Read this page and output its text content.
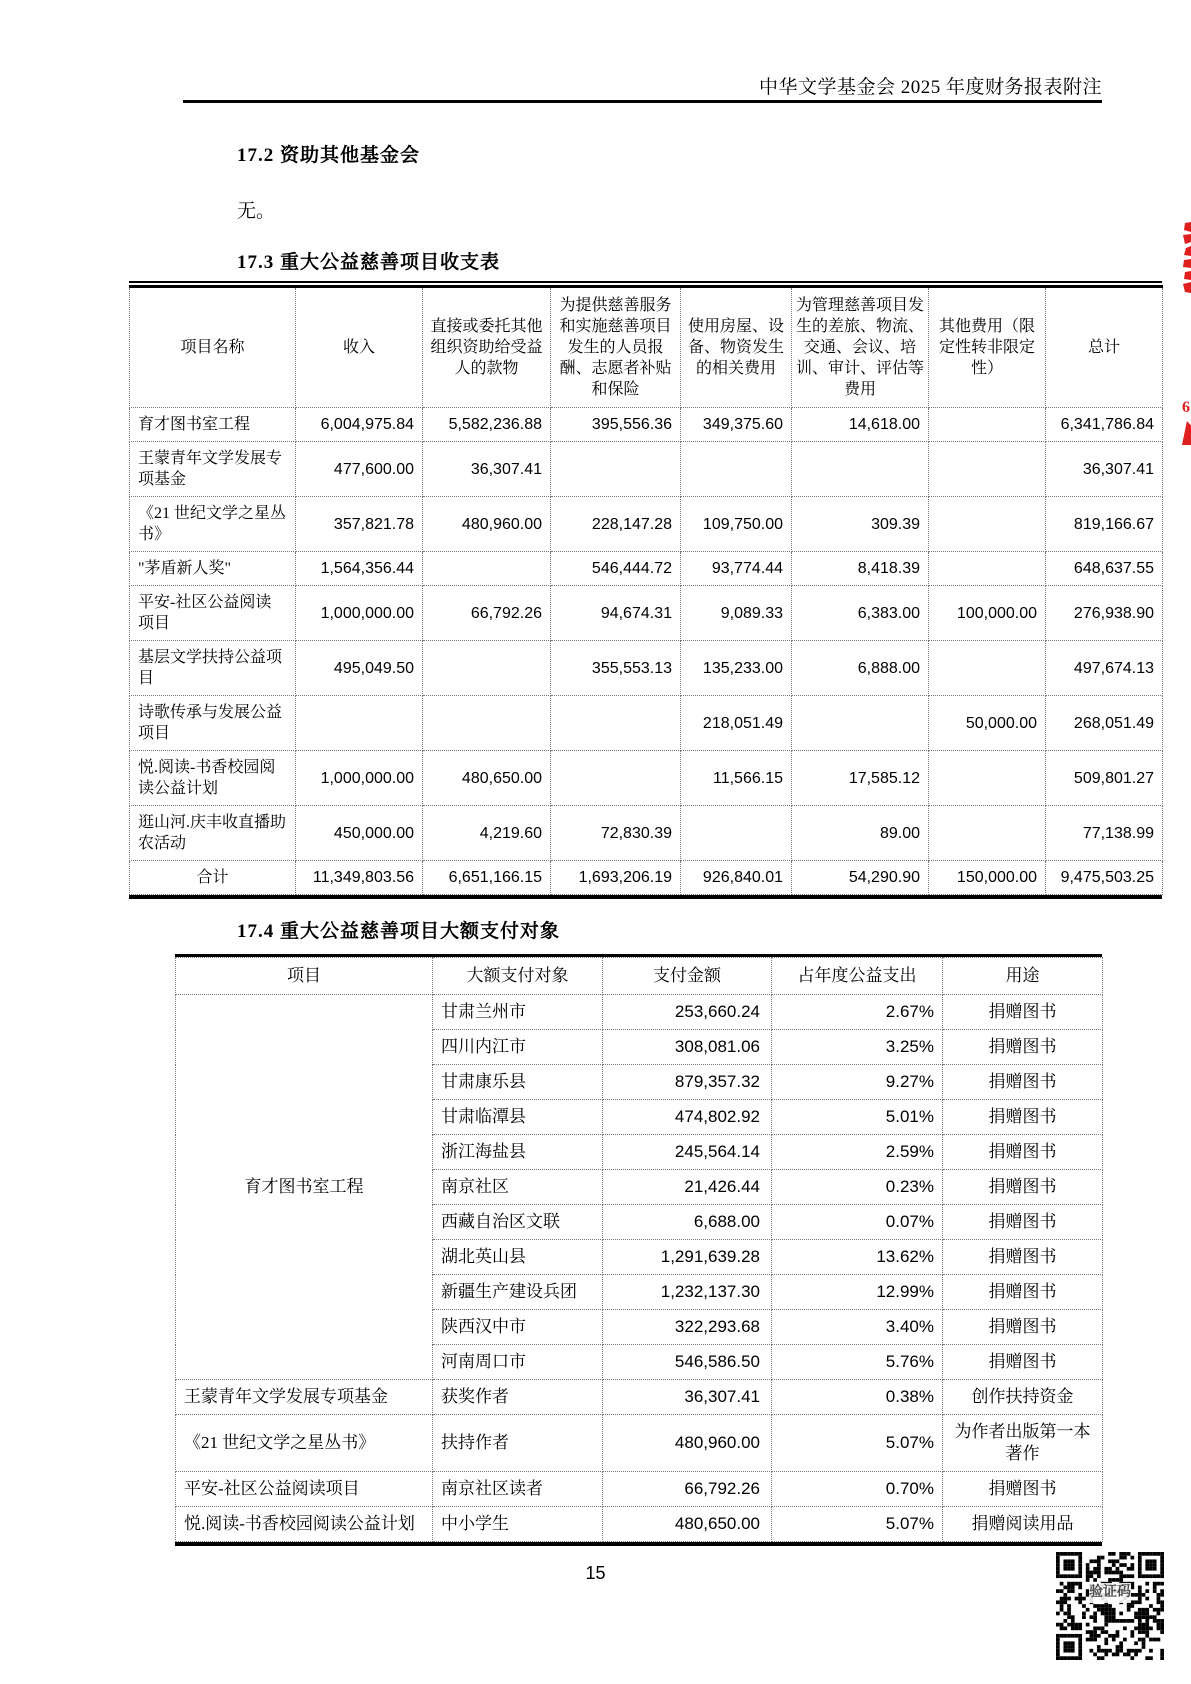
中华文学基金会 2025 年度财务报表附注
17.2 资助其他基金会
无。
17.3 重大公益慈善项目收支表
项目名称	收入	直接或委托其他组织资助给受益人的款物	为提供慈善服务和实施慈善项目发生的人员报酬、志愿者补贴和保险	使用房屋、设备、物资发生的相关费用	为管理慈善项目发生的差旅、物流、交通、会议、培训、审计、评估等费用	其他费用（限定性转非限定性）	总计
育才图书室工程	6,004,975.84	5,582,236.88	395,556.36	349,375.60	14,618.00		6,341,786.84
王蒙青年文学发展专项基金	477,600.00	36,307.41					36,307.41
《21 世纪文学之星丛书》	357,821.78	480,960.00	228,147.28	109,750.00	309.39		819,166.67
"茅盾新人奖"	1,564,356.44		546,444.72	93,774.44	8,418.39		648,637.55
平安-社区公益阅读项目	1,000,000.00	66,792.26	94,674.31	9,089.33	6,383.00	100,000.00	276,938.90
基层文学扶持公益项目	495,049.50		355,553.13	135,233.00	6,888.00		497,674.13
诗歌传承与发展公益项目				218,051.49		50,000.00	268,051.49
悦.阅读-书香校园阅读公益计划	1,000,000.00	480,650.00		11,566.15	17,585.12		509,801.27
逛山河.庆丰收直播助农活动	450,000.00	4,219.60	72,830.39		89.00		77,138.99
合计	11,349,803.56	6,651,166.15	1,693,206.19	926,840.01	54,290.90	150,000.00	9,475,503.25
17.4 重大公益慈善项目大额支付对象
项目	大额支付对象	支付金额	占年度公益支出	用途
育才图书室工程	甘肃兰州市	253,660.24	2.67%	捐赠图书
	四川内江市	308,081.06	3.25%	捐赠图书
	甘肃康乐县	879,357.32	9.27%	捐赠图书
	甘肃临潭县	474,802.92	5.01%	捐赠图书
	浙江海盐县	245,564.14	2.59%	捐赠图书
	南京社区	21,426.44	0.23%	捐赠图书
	西藏自治区文联	6,688.00	0.07%	捐赠图书
	湖北英山县	1,291,639.28	13.62%	捐赠图书
	新疆生产建设兵团	1,232,137.30	12.99%	捐赠图书
	陕西汉中市	322,293.68	3.40%	捐赠图书
	河南周口市	546,586.50	5.76%	捐赠图书
王蒙青年文学发展专项基金	获奖作者	36,307.41	0.38%	创作扶持资金
《21 世纪文学之星丛书》	扶持作者	480,960.00	5.07%	为作者出版第一本著作
平安-社区公益阅读项目	南京社区读者	66,792.26	0.70%	捐赠图书
悦.阅读-书香校园阅读公益计划	中小学生	480,650.00	5.07%	捐赠阅读用品
15
验证码
6
